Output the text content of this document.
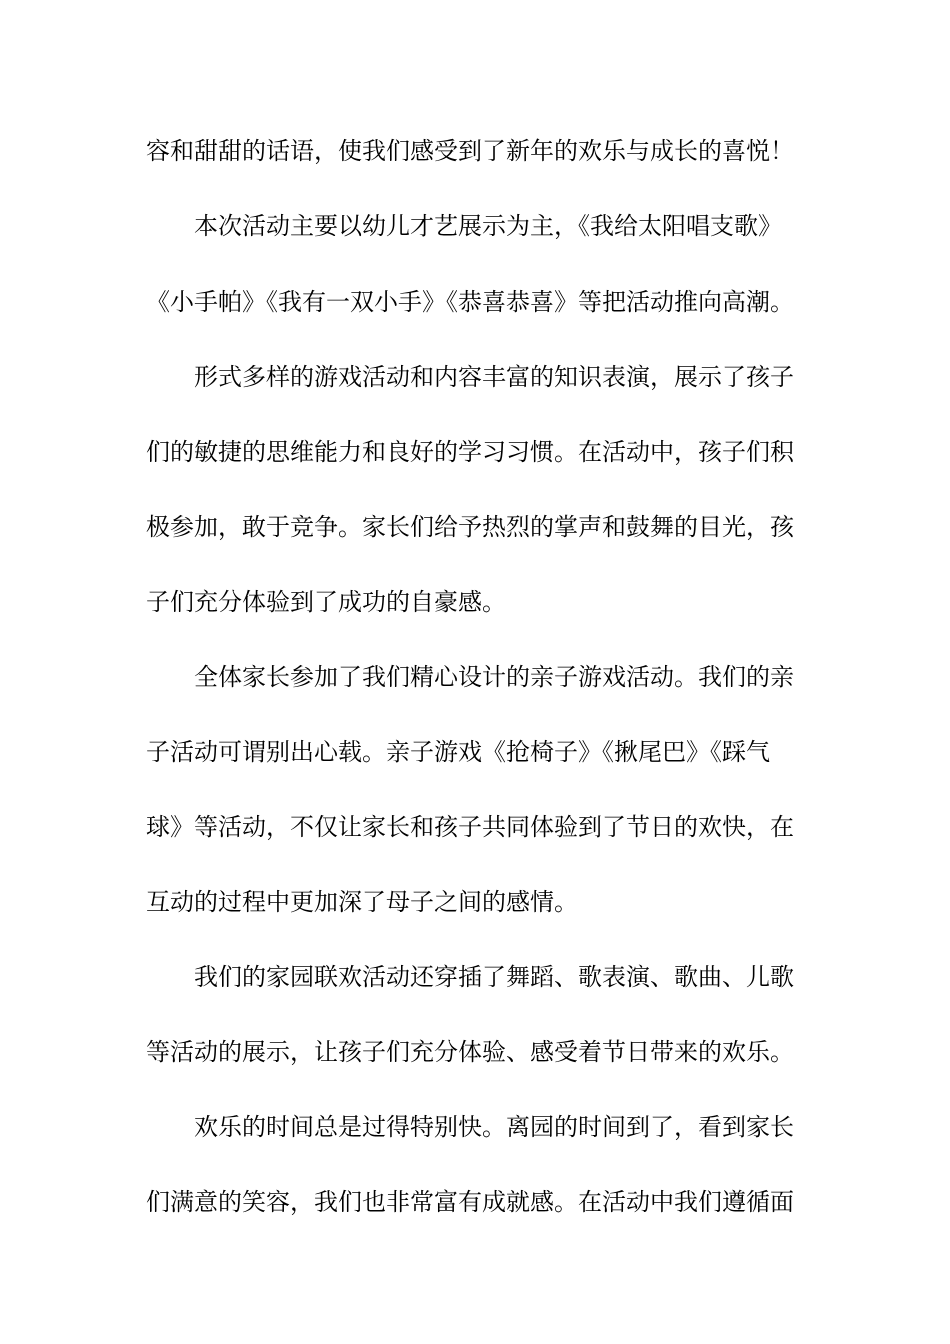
容和甜甜的话语，使我们感受到了新年的欢乐与成长的喜悦！
本次活动主要以幼儿才艺展示为主，《我给太阳唱支歌》
《小手帕》《我有一双小手》《恭喜恭喜》等把活动推向高潮。
形式多样的游戏活动和内容丰富的知识表演，展示了孩子
们的敏捷的思维能力和良好的学习习惯。在活动中，孩子们积
极参加，敢于竞争。家长们给予热烈的掌声和鼓舞的目光，孩
子们充分体验到了成功的自豪感。
全体家长参加了我们精心设计的亲子游戏活动。我们的亲
子活动可谓别出心载。亲子游戏《抢椅子》《揪尾巴》《踩气
球》等活动，不仅让家长和孩子共同体验到了节日的欢快，在
互动的过程中更加深了母子之间的感情。
我们的家园联欢活动还穿插了舞蹈、歌表演、歌曲、儿歌
等活动的展示，让孩子们充分体验、感受着节日带来的欢乐。
欢乐的时间总是过得特别快。离园的时间到了，看到家长
们满意的笑容，我们也非常富有成就感。在活动中我们遵循面
